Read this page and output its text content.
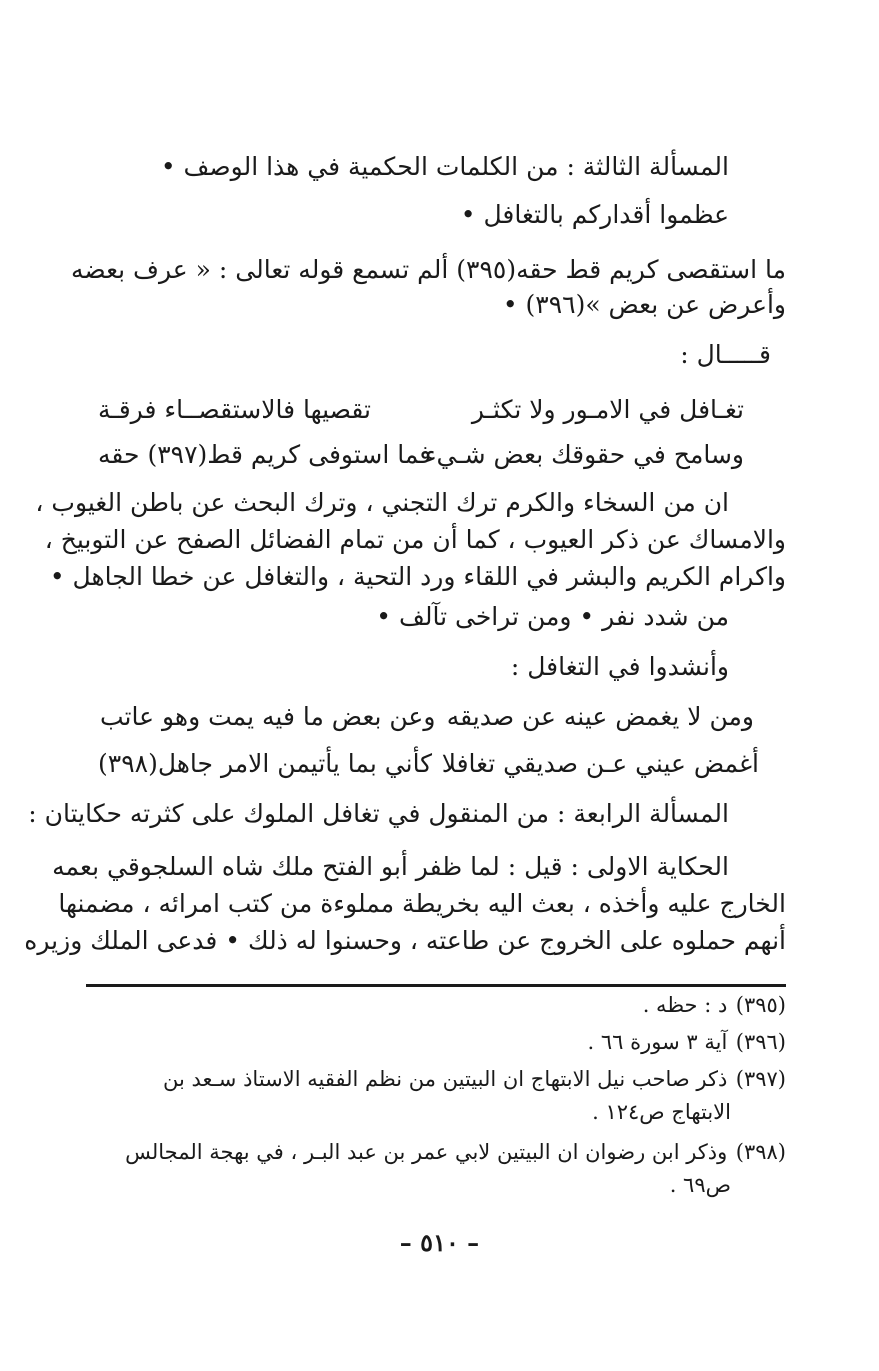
المسألة الثالثة : من الكلمات الحكمية في هذا الوصف •
عظموا أقداركم بالتغافل •
ما استقصى كريم قط حقه(٣٩٥) ألم تسمع قوله تعالى : « عرف بعضه
وأعرض عن بعض »(٣٩٦) •
قـــــال :
تغـافل في الامـور ولا تكثـر
تقصيها فالاستقصــاء فرقـة
وسامح في حقوقك بعض شـيء
فما استوفى كريم قط(٣٩٧) حقه
ان من السخاء والكرم ترك التجني ، وترك البحث عن باطن الغيوب ،
والامساك عن ذكر العيوب ، كما أن من تمام الفضائل الصفح عن التوبيخ ،
واكرام الكريم والبشر في اللقاء ورد التحية ، والتغافل عن خطا الجاهل •
من شدد نفر • ومن تراخى تآلف •
وأنشدوا في التغافل :
ومن لا يغمض عينه عن صديقه
وعن بعض ما فيه يمت وهو عاتب
أغمض عيني عـن صديقي تغافلا
كأني بما يأتيمن الامر جاهل(٣٩٨)
المسألة الرابعة : من المنقول في تغافل الملوك على كثرته حكايتان :
الحكاية الاولى : قيل : لما ظفر أبو الفتح ملك شاه السلجوقي بعمه
الخارج عليه وأخذه ، بعث اليه بخريطة مملوءة من كتب امرائه ، مضمنها
أنهم حملوه على الخروج عن طاعته ، وحسنوا له ذلك • فدعى الملك وزيره
(٣٩٥) د : حظه .
(٣٩٦) آية ٣ سورة ٦٦ .
(٣٩٧) ذكر صاحب نيل الابتهاج ان البيتين من نظم الفقيه الاستاذ سـعد بن
الابتهاج ص١٢٤ .
(٣٩٨) وذكر ابن رضوان ان البيتين لابي عمر بن عبد البـر ، في بهجة المجالس
ص٦٩ .
– ٥١٠ –
